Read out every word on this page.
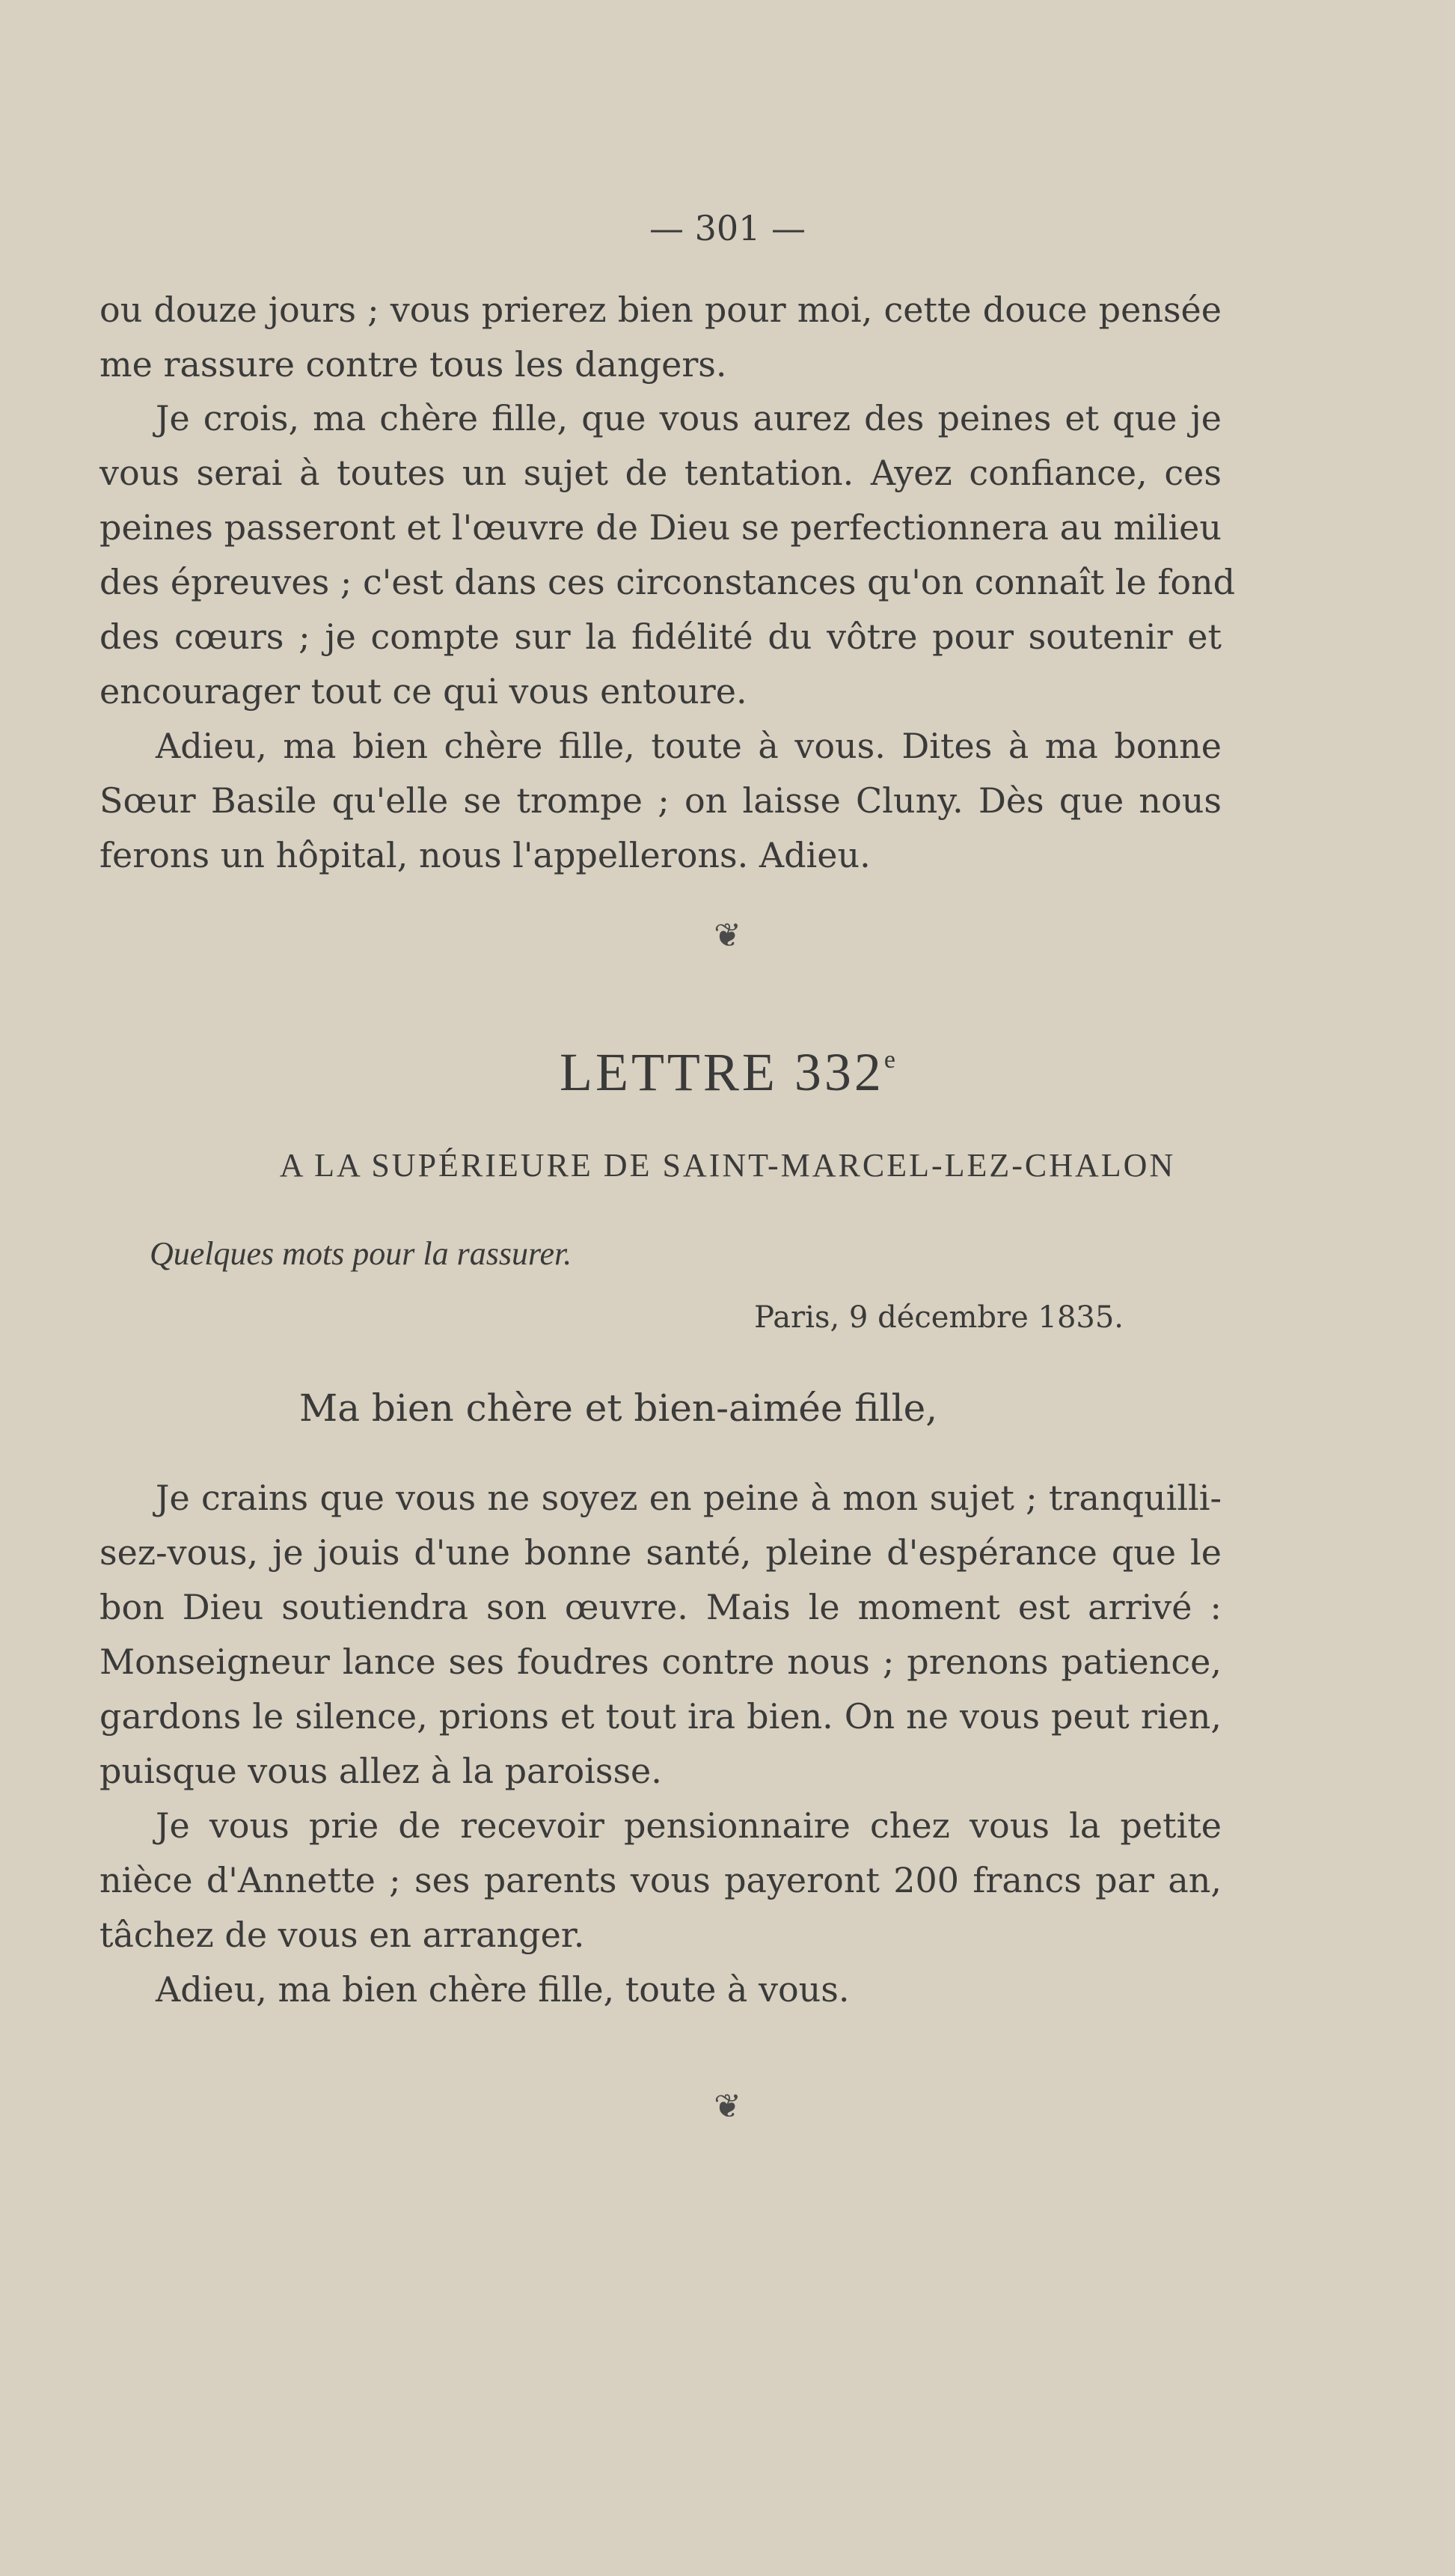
— 301 —
ou douze jours ; vous prierez bien pour moi, cette douce pensée
me rassure contre tous les dangers.
Je crois, ma chère fille, que vous aurez des peines et que je
vous serai à toutes un sujet de tentation. Ayez confiance, ces
peines passeront et l'œuvre de Dieu se perfectionnera au milieu
des épreuves ; c'est dans ces circonstances qu'on connaît le fond
des cœurs ; je compte sur la fidélité du vôtre pour soutenir et
encourager tout ce qui vous entoure.
Adieu, ma bien chère fille, toute à vous. Dites à ma bonne
Sœur Basile qu'elle se trompe ; on laisse Cluny. Dès que nous
ferons un hôpital, nous l'appellerons. Adieu.
❦
LETTRE 332e
A LA SUPÉRIEURE DE SAINT-MARCEL-LEZ-CHALON
Quelques mots pour la rassurer.
Paris, 9 décembre 1835.
Ma bien chère et bien-aimée fille,
Je crains que vous ne soyez en peine à mon sujet ; tranquilli-
sez-vous, je jouis d'une bonne santé, pleine d'espérance que le
bon Dieu soutiendra son œuvre. Mais le moment est arrivé :
Monseigneur lance ses foudres contre nous ; prenons patience,
gardons le silence, prions et tout ira bien. On ne vous peut rien,
puisque vous allez à la paroisse.
Je vous prie de recevoir pensionnaire chez vous la petite
nièce d'Annette ; ses parents vous payeront 200 francs par an,
tâchez de vous en arranger.
Adieu, ma bien chère fille, toute à vous.
❦
